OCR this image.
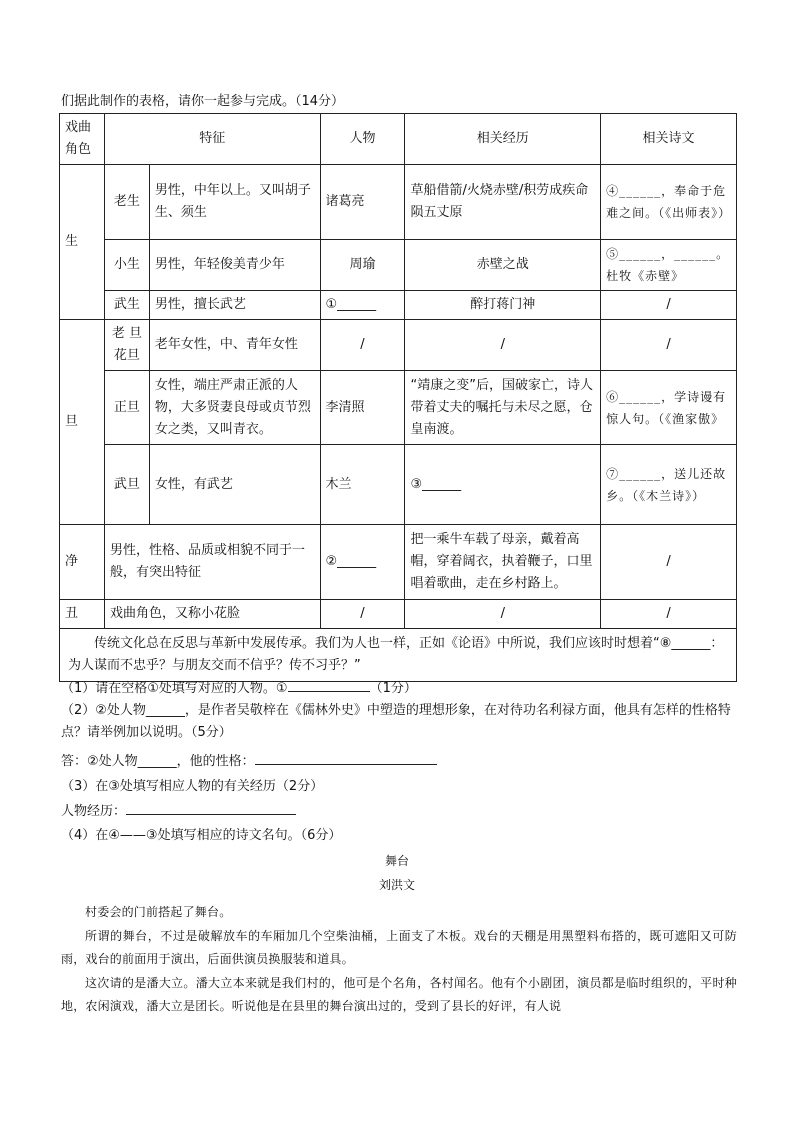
们据此制作的表格，请你一起参与完成。（14分）
戏曲角色	特征		人物	相关经历	相关诗文
生	老生	男性，中年以上。又叫胡子生、须生	诸葛亮	草船借箭/火烧赤壁/积劳成疾命陨五丈原	④______，奉命于危难之间。（《出师表》）
	小生	男性，年轻俊美青少年	周瑜	赤壁之战	⑤______，______。杜牧《赤壁》
	武生	男性，擅长武艺	①______	醉打蒋门神	/
旦	老 旦 花旦	老年女性，中、青年女性	/	/	/
	正旦	女性，端庄严肃正派的人物，大多贤妻良母或贞节烈女之类，又叫青衣。	李清照	“靖康之变”后，国破家亡，诗人带着丈夫的嘱托与未尽之愿，仓皇南渡。	⑥______，学诗谩有惊人句。（《渔家傲》
	武旦	女性，有武艺	木兰	③______	⑦______，送儿还故乡。（《木兰诗》）
净	男性，性格、品质或相貌不同于一般，有突出特征		②______	把一乘牛车载了母亲，戴着高帽，穿着阔衣，执着鞭子，口里唱着歌曲，走在乡村路上。	/
丑	戏曲角色，又称小花脸		/	/	/
传统文化总在反思与革新中发展传承。我们为人也一样，正如《论语》中所说，我们应该时时想着“⑧______：为人谋而不忠乎？与朋友交而不信乎？传不习乎？”					
（1）请在空格①处填写对应的人物。①	（1分）
（2）②处人物______，是作者吴敬梓在《儒林外史》中塑造的理想形象，在对待功名利禄方面，他具有怎样的性格特点？请举例加以说明。（5分）
答：②处人物______，他的性格：
（3）在③处填写相应人物的有关经历（2分）
人物经历：
（4）在④——③处填写相应的诗文名句。（6分）
舞台
刘洪文

村委会的门前搭起了舞台。

所谓的舞台，不过是破解放车的车厢加几个空柴油桶，上面支了木板。戏台的天棚是用黑塑料布搭的，既可遮阳又可防雨，戏台的前面用于演出，后面供演员换服装和道具。

这次请的是潘大立。潘大立本来就是我们村的，他可是个名角，各村闻名。他有个小剧团，演员都是临时组织的，平时种地，农闲演戏，潘大立是团长。听说他是在县里的舞台演出过的，受到了县长的好评，有人说
